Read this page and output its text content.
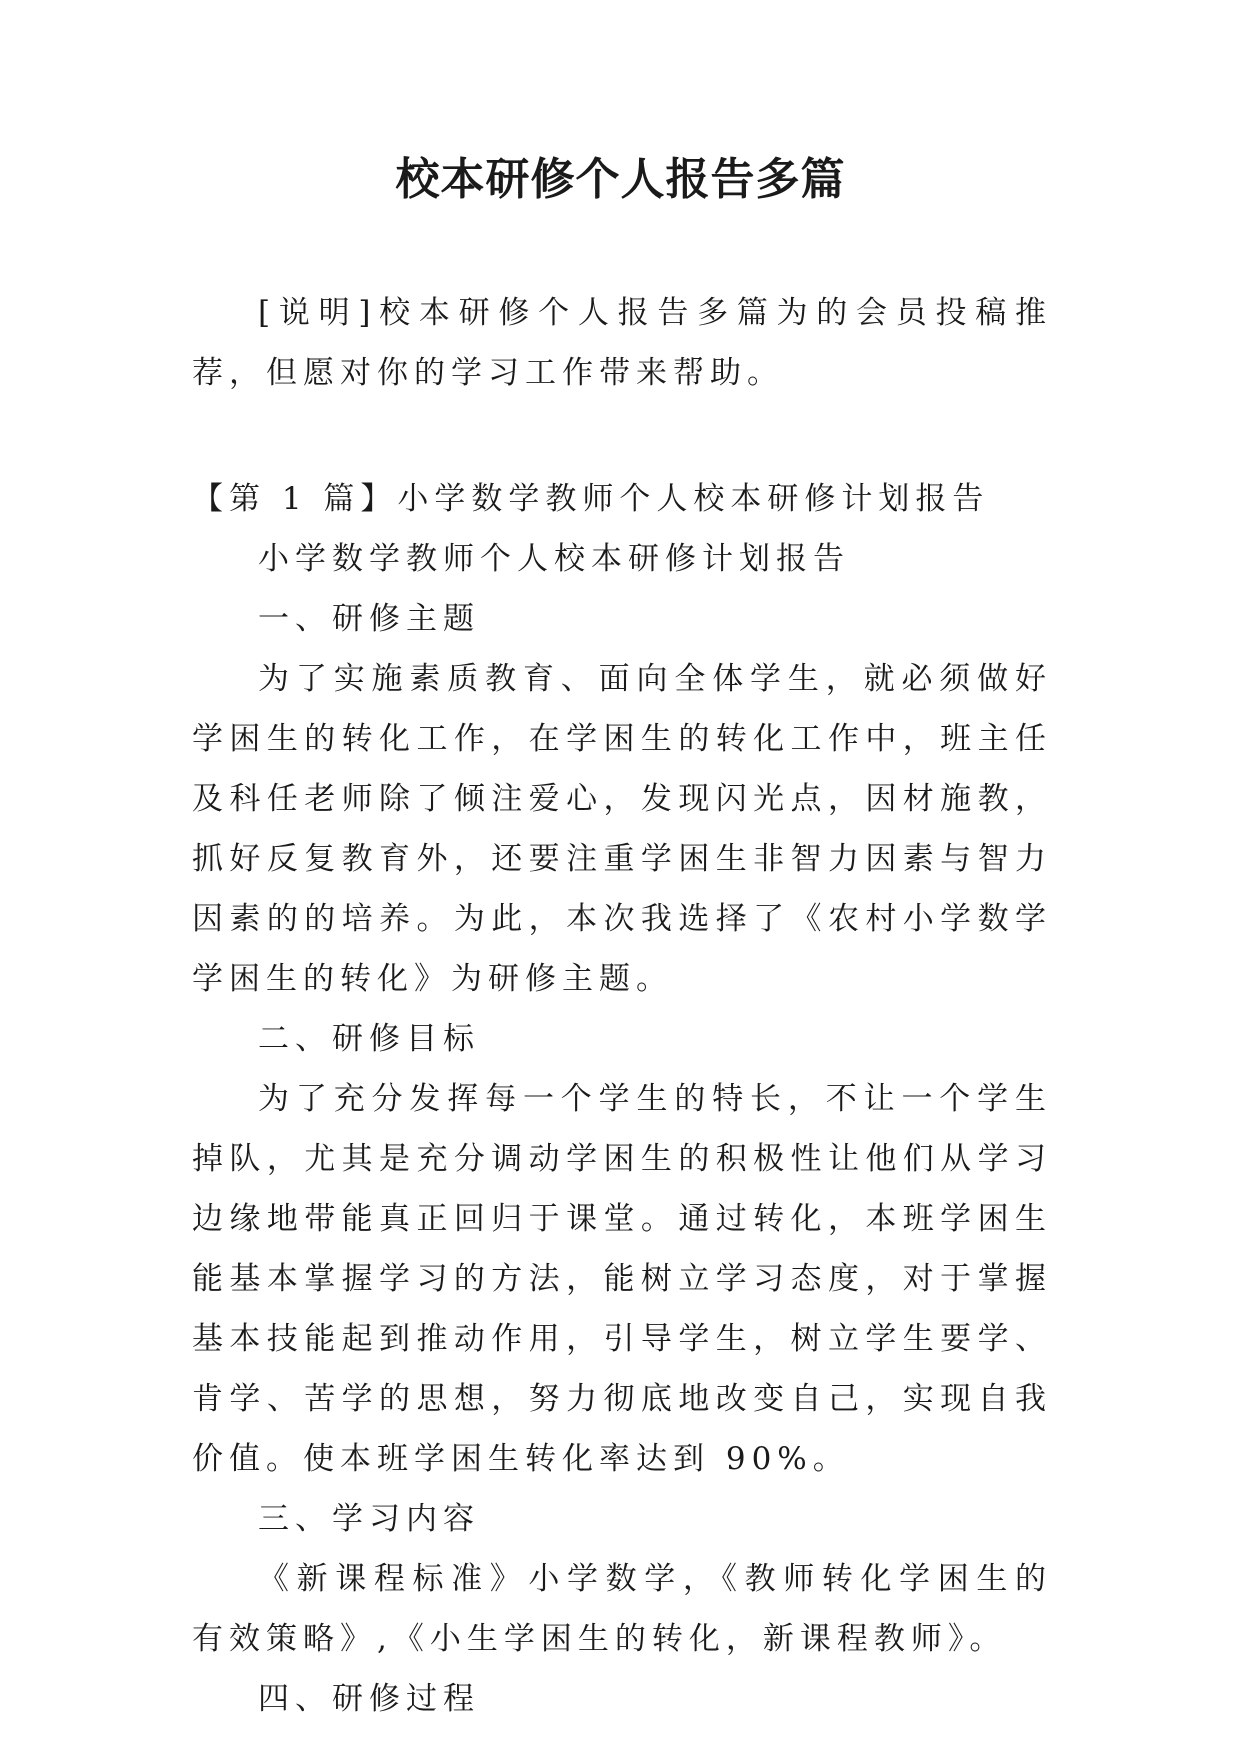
校本研修个人报告多篇

[说明]校本研修个人报告多篇为的会员投稿推荐，但愿对你的学习工作带来帮助。

【第 1 篇】小学数学教师个人校本研修计划报告

小学数学教师个人校本研修计划报告

一、研修主题

为了实施素质教育、面向全体学生，就必须做好学困生的转化工作，在学困生的转化工作中，班主任及科任老师除了倾注爱心，发现闪光点，因材施教，抓好反复教育外，还要注重学困生非智力因素与智力因素的的培养。为此，本次我选择了《农村小学数学学困生的转化》为研修主题。

二、研修目标

为了充分发挥每一个学生的特长，不让一个学生掉队，尤其是充分调动学困生的积极性让他们从学习边缘地带能真正回归于课堂。通过转化，本班学困生能基本掌握学习的方法，能树立学习态度，对于掌握基本技能起到推动作用，引导学生，树立学生要学、肯学、苦学的思想，努力彻底地改变自己，实现自我价值。使本班学困生转化率达到 90%。

三、学习内容

《新课程标准》小学数学，《教师转化学困生的有效策略》,《小生学困生的转化，新课程教师》。

四、研修过程
